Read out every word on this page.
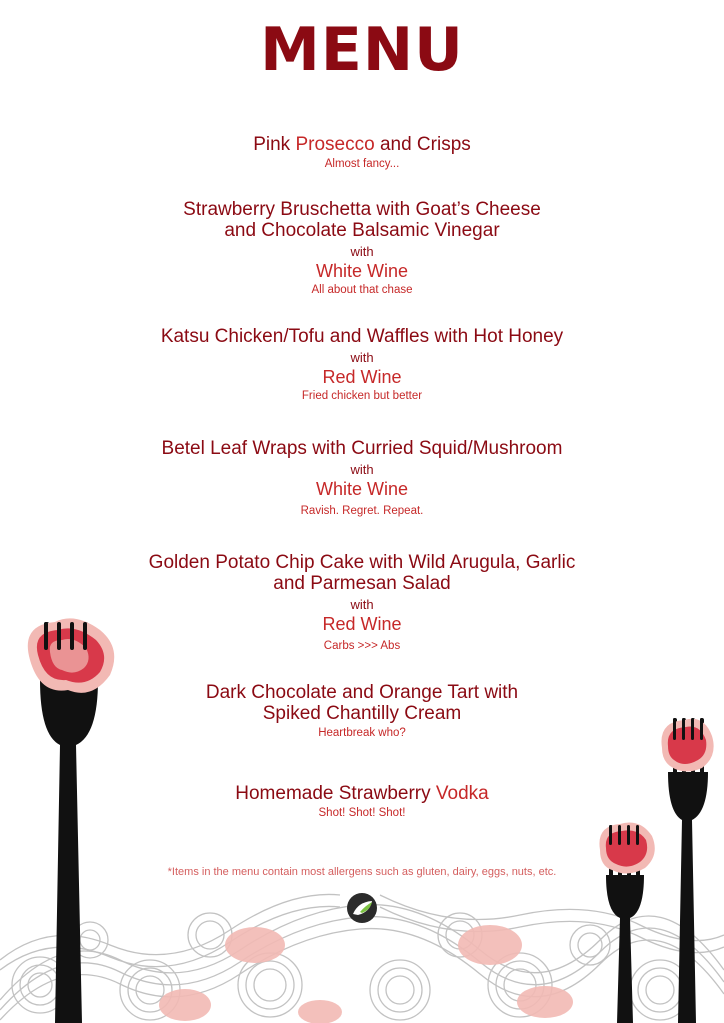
MENU
Pink Prosecco and Crisps
Almost fancy...
Strawberry Bruschetta with Goat’s Cheese
and Chocolate Balsamic Vinegar
with
White Wine
All about that chase
Katsu Chicken/Tofu and Waffles with Hot Honey
with
Red Wine
Fried chicken but better
Betel Leaf Wraps with Curried Squid/Mushroom
with
White Wine
Ravish. Regret. Repeat.
Golden Potato Chip Cake with Wild Arugula, Garlic
and Parmesan Salad
with
Red Wine
Carbs >>> Abs
Dark Chocolate and Orange Tart with
Spiked Chantilly Cream
Heartbreak who?
Homemade Strawberry Vodka
Shot! Shot! Shot!
*Items in the menu contain most allergens such as gluten, dairy, eggs, nuts, etc.
